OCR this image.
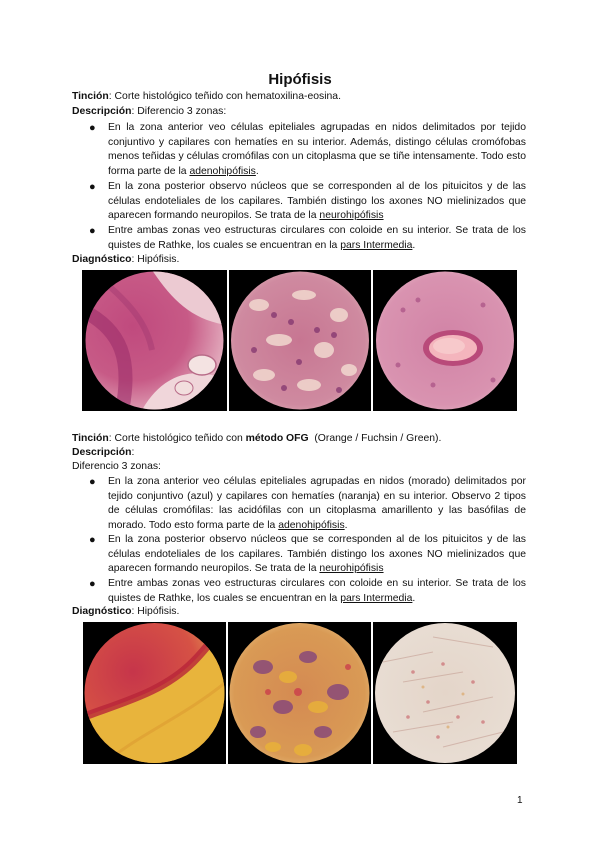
Hipófisis
Tinción: Corte histológico teñido con hematoxilina-eosina.
Descripción: Diferencio 3 zonas:
● En la zona anterior veo células epiteliales agrupadas en nidos delimitados por tejido conjuntivo y capilares con hematíes en su interior. Además, distingo células cromófobas menos teñidas y células cromófilas con un citoplasma que se tiñe intensamente. Todo esto forma parte de la adenohipófisis.
● En la zona posterior observo núcleos que se corresponden al de los pituicitos y de las células endoteliales de los capilares. También distingo los axones NO mielinizados que aparecen formando neuropilos. Se trata de la neurohipófisis
● Entre ambas zonas veo estructuras circulares con coloide en su interior. Se trata de los quistes de Rathke, los cuales se encuentran en la pars Intermedia.
Diagnóstico: Hipófisis.
Tinción: Corte histológico teñido con método OFG  (Orange / Fuchsin / Green).
Descripción:
Diferencio 3 zonas:
● En la zona anterior veo células epiteliales agrupadas en nidos (morado) delimitados por tejido conjuntivo (azul) y capilares con hematíes (naranja) en su interior. Observo 2 tipos de células cromófilas: las acidófilas con un citoplasma amarillento y las basófilas de morado. Todo esto forma parte de la adenohipófisis.
● En la zona posterior observo núcleos que se corresponden al de los pituicitos y de las células endoteliales de los capilares. También distingo los axones NO mielinizados que aparecen formando neuropilos. Se trata de la neurohipófisis
● Entre ambas zonas veo estructuras circulares con coloide en su interior. Se trata de los quistes de Rathke, los cuales se encuentran en la pars Intermedia.
Diagnóstico: Hipófisis.
1
